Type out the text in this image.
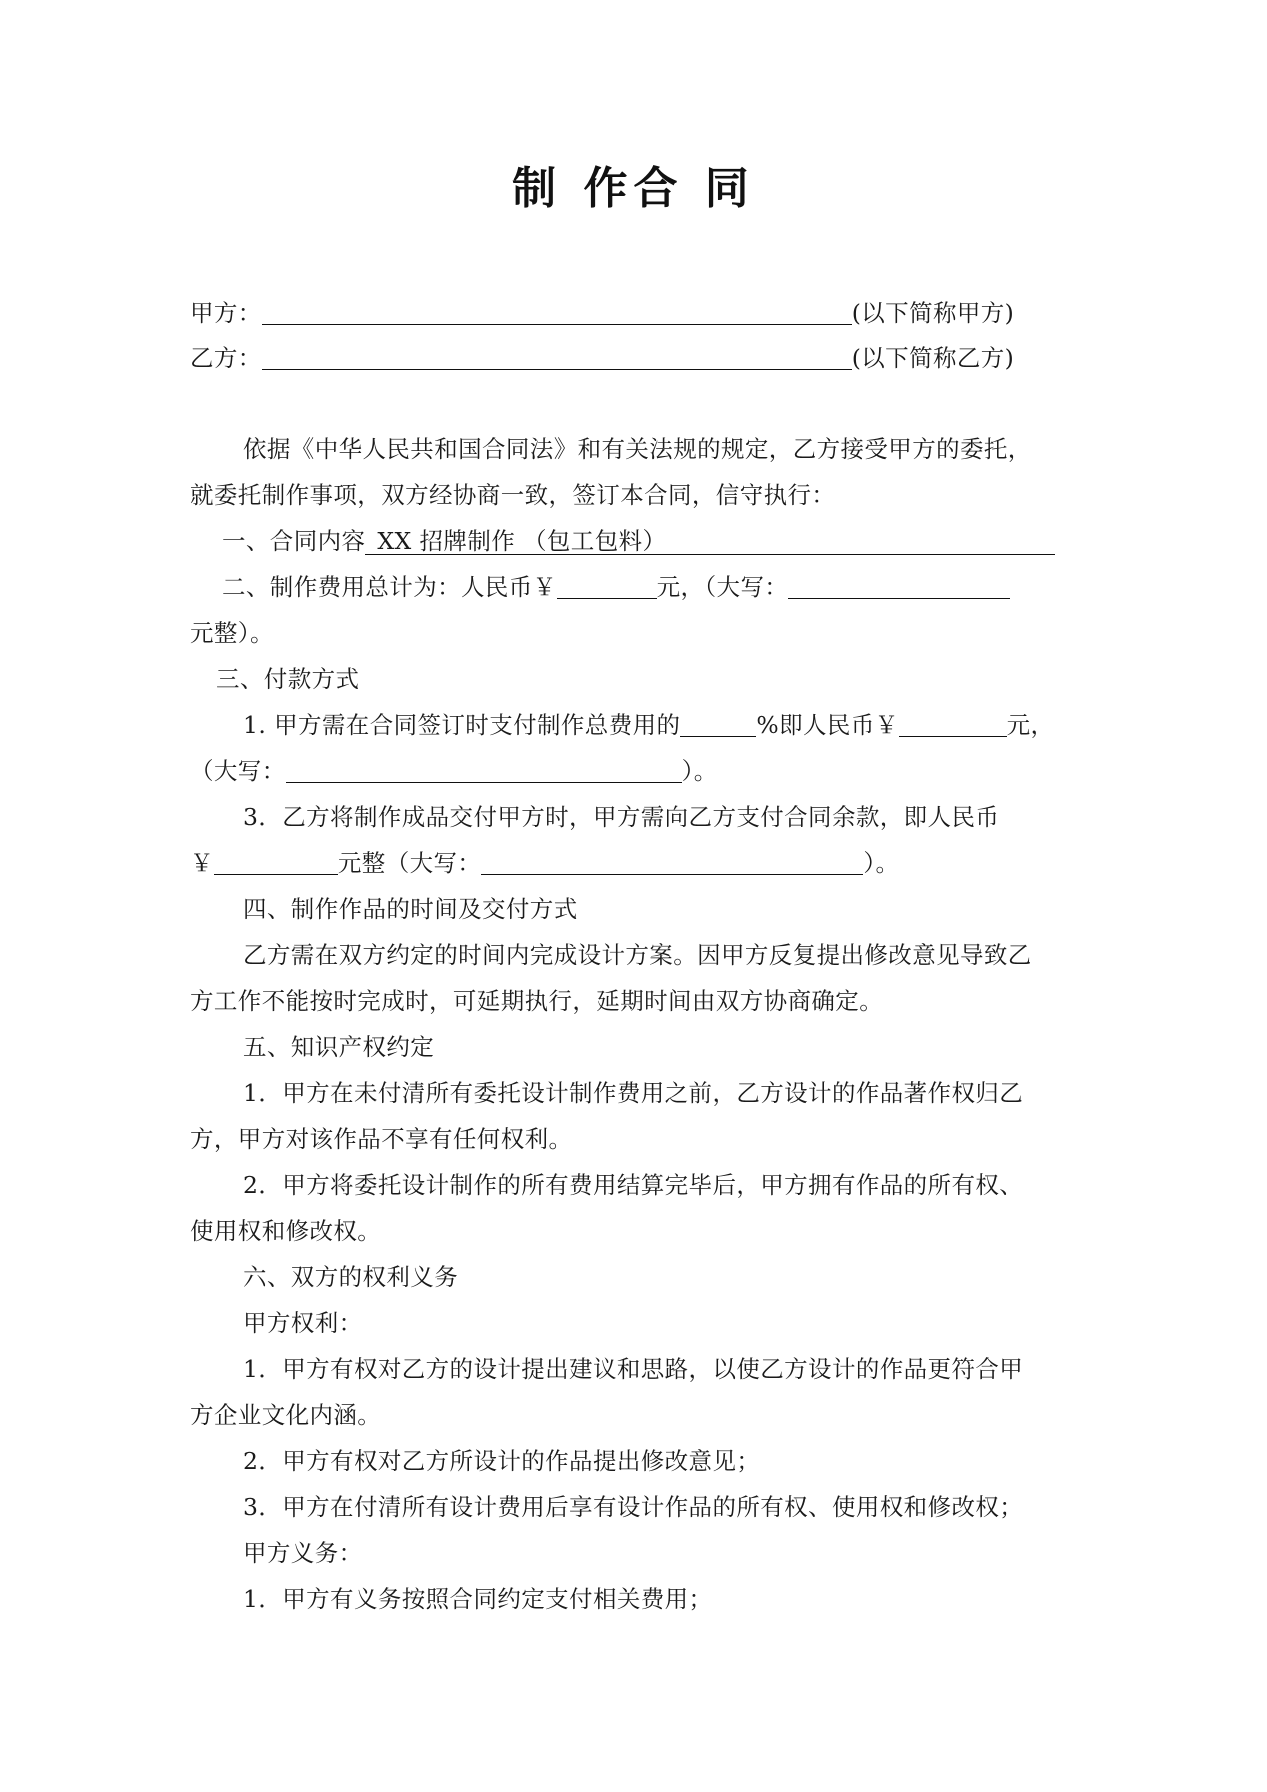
制 作合 同
甲方：	(以下简称甲方)
乙方：	(以下简称乙方)
依据《中华人民共和国合同法》和有关法规的规定，乙方接受甲方的委托，
就委托制作事项，双方经协商一致，签订本合同，信守执行：
一、合同内容 XX 招牌制作 （包工包料）
二、制作费用总计为：人民币￥	元，（大写：
元整）。
三、付款方式
1. 甲方需在合同签订时支付制作总费用的	%即人民币￥	元，
（大写：	）。
3．乙方将制作成品交付甲方时，甲方需向乙方支付合同余款，即人民币
￥	元整（大写：	）。
四、制作作品的时间及交付方式
乙方需在双方约定的时间内完成设计方案。因甲方反复提出修改意见导致乙
方工作不能按时完成时，可延期执行，延期时间由双方协商确定。
五、知识产权约定
1．甲方在未付清所有委托设计制作费用之前，乙方设计的作品著作权归乙
方，甲方对该作品不享有任何权利。
2．甲方将委托设计制作的所有费用结算完毕后，甲方拥有作品的所有权、
使用权和修改权。
六、双方的权利义务
甲方权利：
1．甲方有权对乙方的设计提出建议和思路，以使乙方设计的作品更符合甲
方企业文化内涵。
2．甲方有权对乙方所设计的作品提出修改意见；
3．甲方在付清所有设计费用后享有设计作品的所有权、使用权和修改权；
甲方义务：
1．甲方有义务按照合同约定支付相关费用；
